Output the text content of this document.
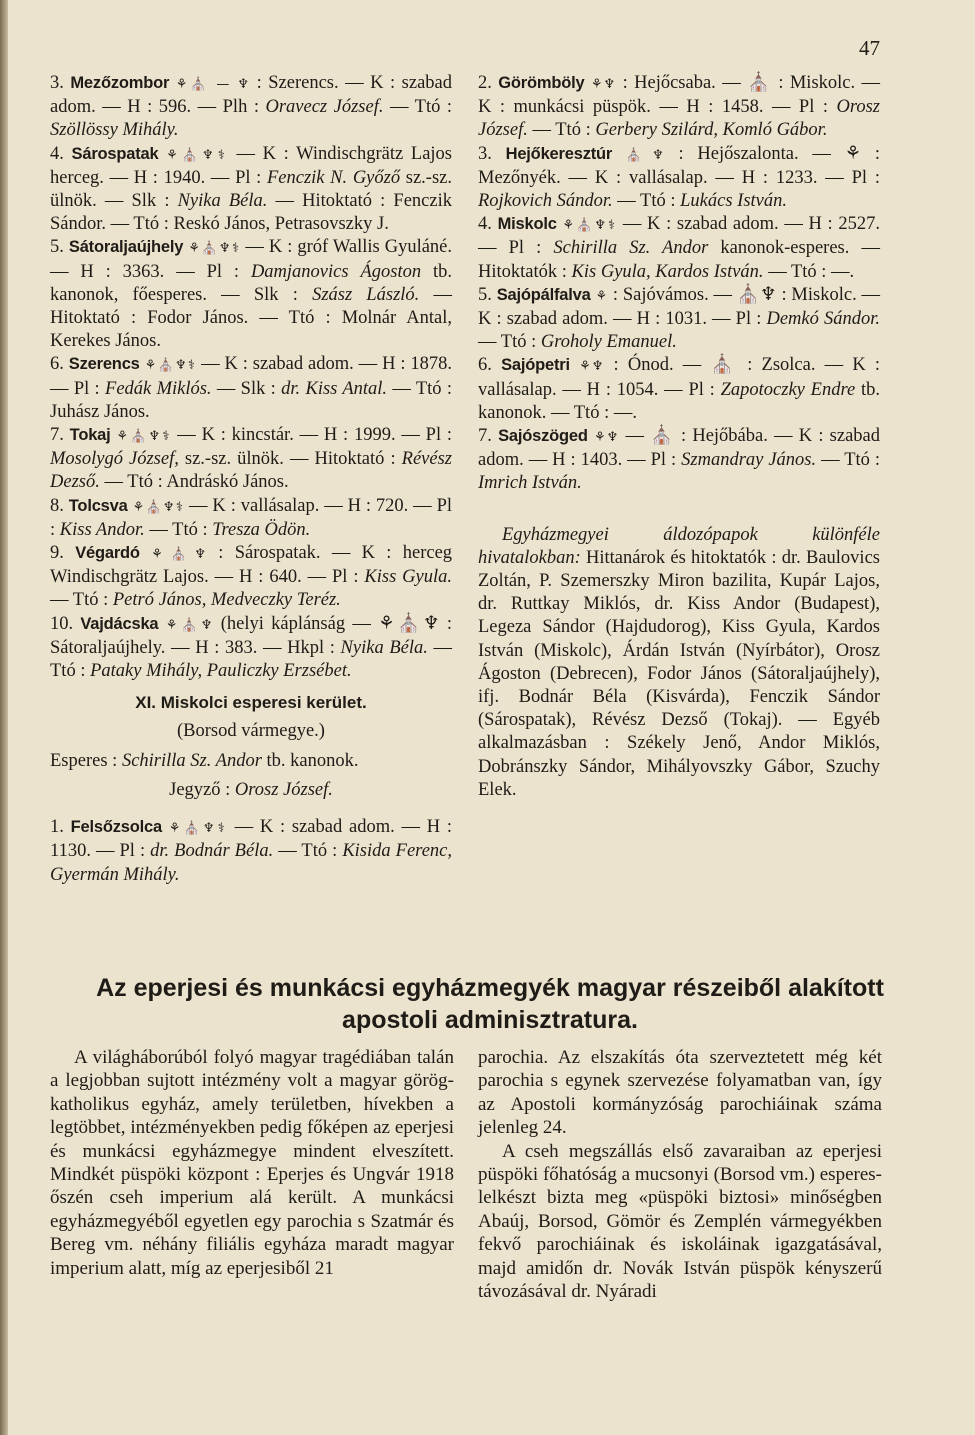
47
3. Mezőzombor ⚘⛪ — ♆ : Szerencs. — K : szabad adom. — H : 596. — Plh : Oravecz József. — Ttó : Szöllössy Mihály.
4. Sárospatak ⚘⛪♆⚕ — K : Windischgrätz Lajos herceg. — H : 1940. — Pl : Fenczik N. Győző sz.-sz. ülnök. — Slk : Nyika Béla. — Hitoktató : Fenczik Sándor. — Ttó : Reskó János, Petrasovszky J.
5. Sátoraljaújhely ⚘⛪♆⚕ — K : gróf Wallis Gyuláné. — H : 3363. — Pl : Damjanovics Ágoston tb. kanonok, főesperes. — Slk : Szász László. — Hitoktató : Fodor János. — Ttó : Molnár Antal, Kerekes János.
6. Szerencs ⚘⛪♆⚕ — K : szabad adom. — H : 1878. — Pl : Fedák Miklós. — Slk : dr. Kiss Antal. — Ttó : Juhász János.
7. Tokaj ⚘⛪♆⚕ — K : kincstár. — H : 1999. — Pl : Mosolygó József, sz.-sz. ülnök. — Hitoktató : Révész Dezső. — Ttó : Andráskó János.
8. Tolcsva ⚘⛪♆⚕ — K : vallásalap. — H : 720. — Pl : Kiss Andor. — Ttó : Tresza Ödön.
9. Végardó ⚘⛪♆ : Sárospatak. — K : herceg Windischgrätz Lajos. — H : 640. — Pl : Kiss Gyula. — Ttó : Petró János, Medveczky Teréz.
10. Vajdácska ⚘⛪♆ (helyi káplánság — ⚘⛪♆ : Sátoraljaújhely. — H : 383. — Hkpl : Nyika Béla. — Ttó : Pataky Mihály, Pauliczky Erzsébet.
XI. Miskolci esperesi kerület.
(Borsod vármegye.)
Esperes : Schirilla Sz. Andor tb. kanonok.
Jegyző : Orosz József.
1. Felsőzsolca ⚘⛪♆⚕ — K : szabad adom. — H : 1130. — Pl : dr. Bodnár Béla. — Ttó : Kisida Ferenc, Gyermán Mihály.
2. Görömböly ⚘♆ : Hejőcsaba. — ⛪ : Miskolc. — K : munkácsi püspök. — H : 1458. — Pl : Orosz József. — Ttó : Gerbery Szilárd, Komló Gábor.
3. Hejőkeresztúr ⛪♆ : Hejőszalonta. — ⚘ : Mezőnyék. — K : vallásalap. — H : 1233. — Pl : Rojkovich Sándor. — Ttó : Lukács István.
4. Miskolc ⚘⛪♆⚕ — K : szabad adom. — H : 2527. — Pl : Schirilla Sz. Andor kanonok-esperes. — Hitoktatók : Kis Gyula, Kardos István. — Ttó : —.
5. Sajópálfalva ⚘ : Sajóvámos. — ⛪♆ : Miskolc. — K : szabad adom. — H : 1031. — Pl : Demkó Sándor. — Ttó : Groholy Emanuel.
6. Sajópetri ⚘♆ : Ónod. — ⛪ : Zsolca. — K : vallásalap. — H : 1054. — Pl : Zapotoczky Endre tb. kanonok. — Ttó : —.
7. Sajószöged ⚘♆ — ⛪ : Hejőbába. — K : szabad adom. — H : 1403. — Pl : Szmandray János. — Ttó : Imrich István.
Egyházmegyei áldozópapok különféle hivatalokban: Hittanárok és hitoktatók : dr. Baulovics Zoltán, P. Szemerszky Miron bazilita, Kupár Lajos, dr. Ruttkay Miklós, dr. Kiss Andor (Budapest), Legeza Sándor (Hajdudorog), Kiss Gyula, Kardos István (Miskolc), Árdán István (Nyírbátor), Orosz Ágoston (Debrecen), Fodor János (Sátoraljaújhely), ifj. Bodnár Béla (Kisvárda), Fenczik Sándor (Sárospatak), Révész Dezső (Tokaj). — Egyéb alkalmazásban : Székely Jenő, Andor Miklós, Dobránszky Sándor, Mihályovszky Gábor, Szuchy Elek.
Az eperjesi és munkácsi egyházmegyék magyar részeiből alakított
apostoli adminisztratura.

A világháborúból folyó magyar tragédiában talán a legjobban sujtott intézmény volt a magyar görög-katholikus egyház, amely területben, hívekben a legtöbbet, intézményekben pedig főképen az eperjesi és munkácsi egyházmegye mindent elveszített. Mindkét püspöki központ : Eperjes és Ungvár 1918 őszén cseh imperium alá került. A munkácsi egyházmegyéből egyetlen egy parochia s Szatmár és Bereg vm. néhány filiális egyháza maradt magyar imperium alatt, míg az eperjesiből 21

parochia. Az elszakítás óta szerveztetett még két parochia s egynek szervezése folyamatban van, így az Apostoli kormányzóság parochiáinak száma jelenleg 24.

A cseh megszállás első zavaraiban az eperjesi püspöki főhatóság a mucsonyi (Borsod vm.) esperes-lelkészt bizta meg «püspöki biztosi» minőségben Abaúj, Borsod, Gömör és Zemplén vármegyékben fekvő parochiáinak és iskoláinak igazgatásával, majd amidőn dr. Novák István püspök kényszerű távozásával dr. Nyáradi
